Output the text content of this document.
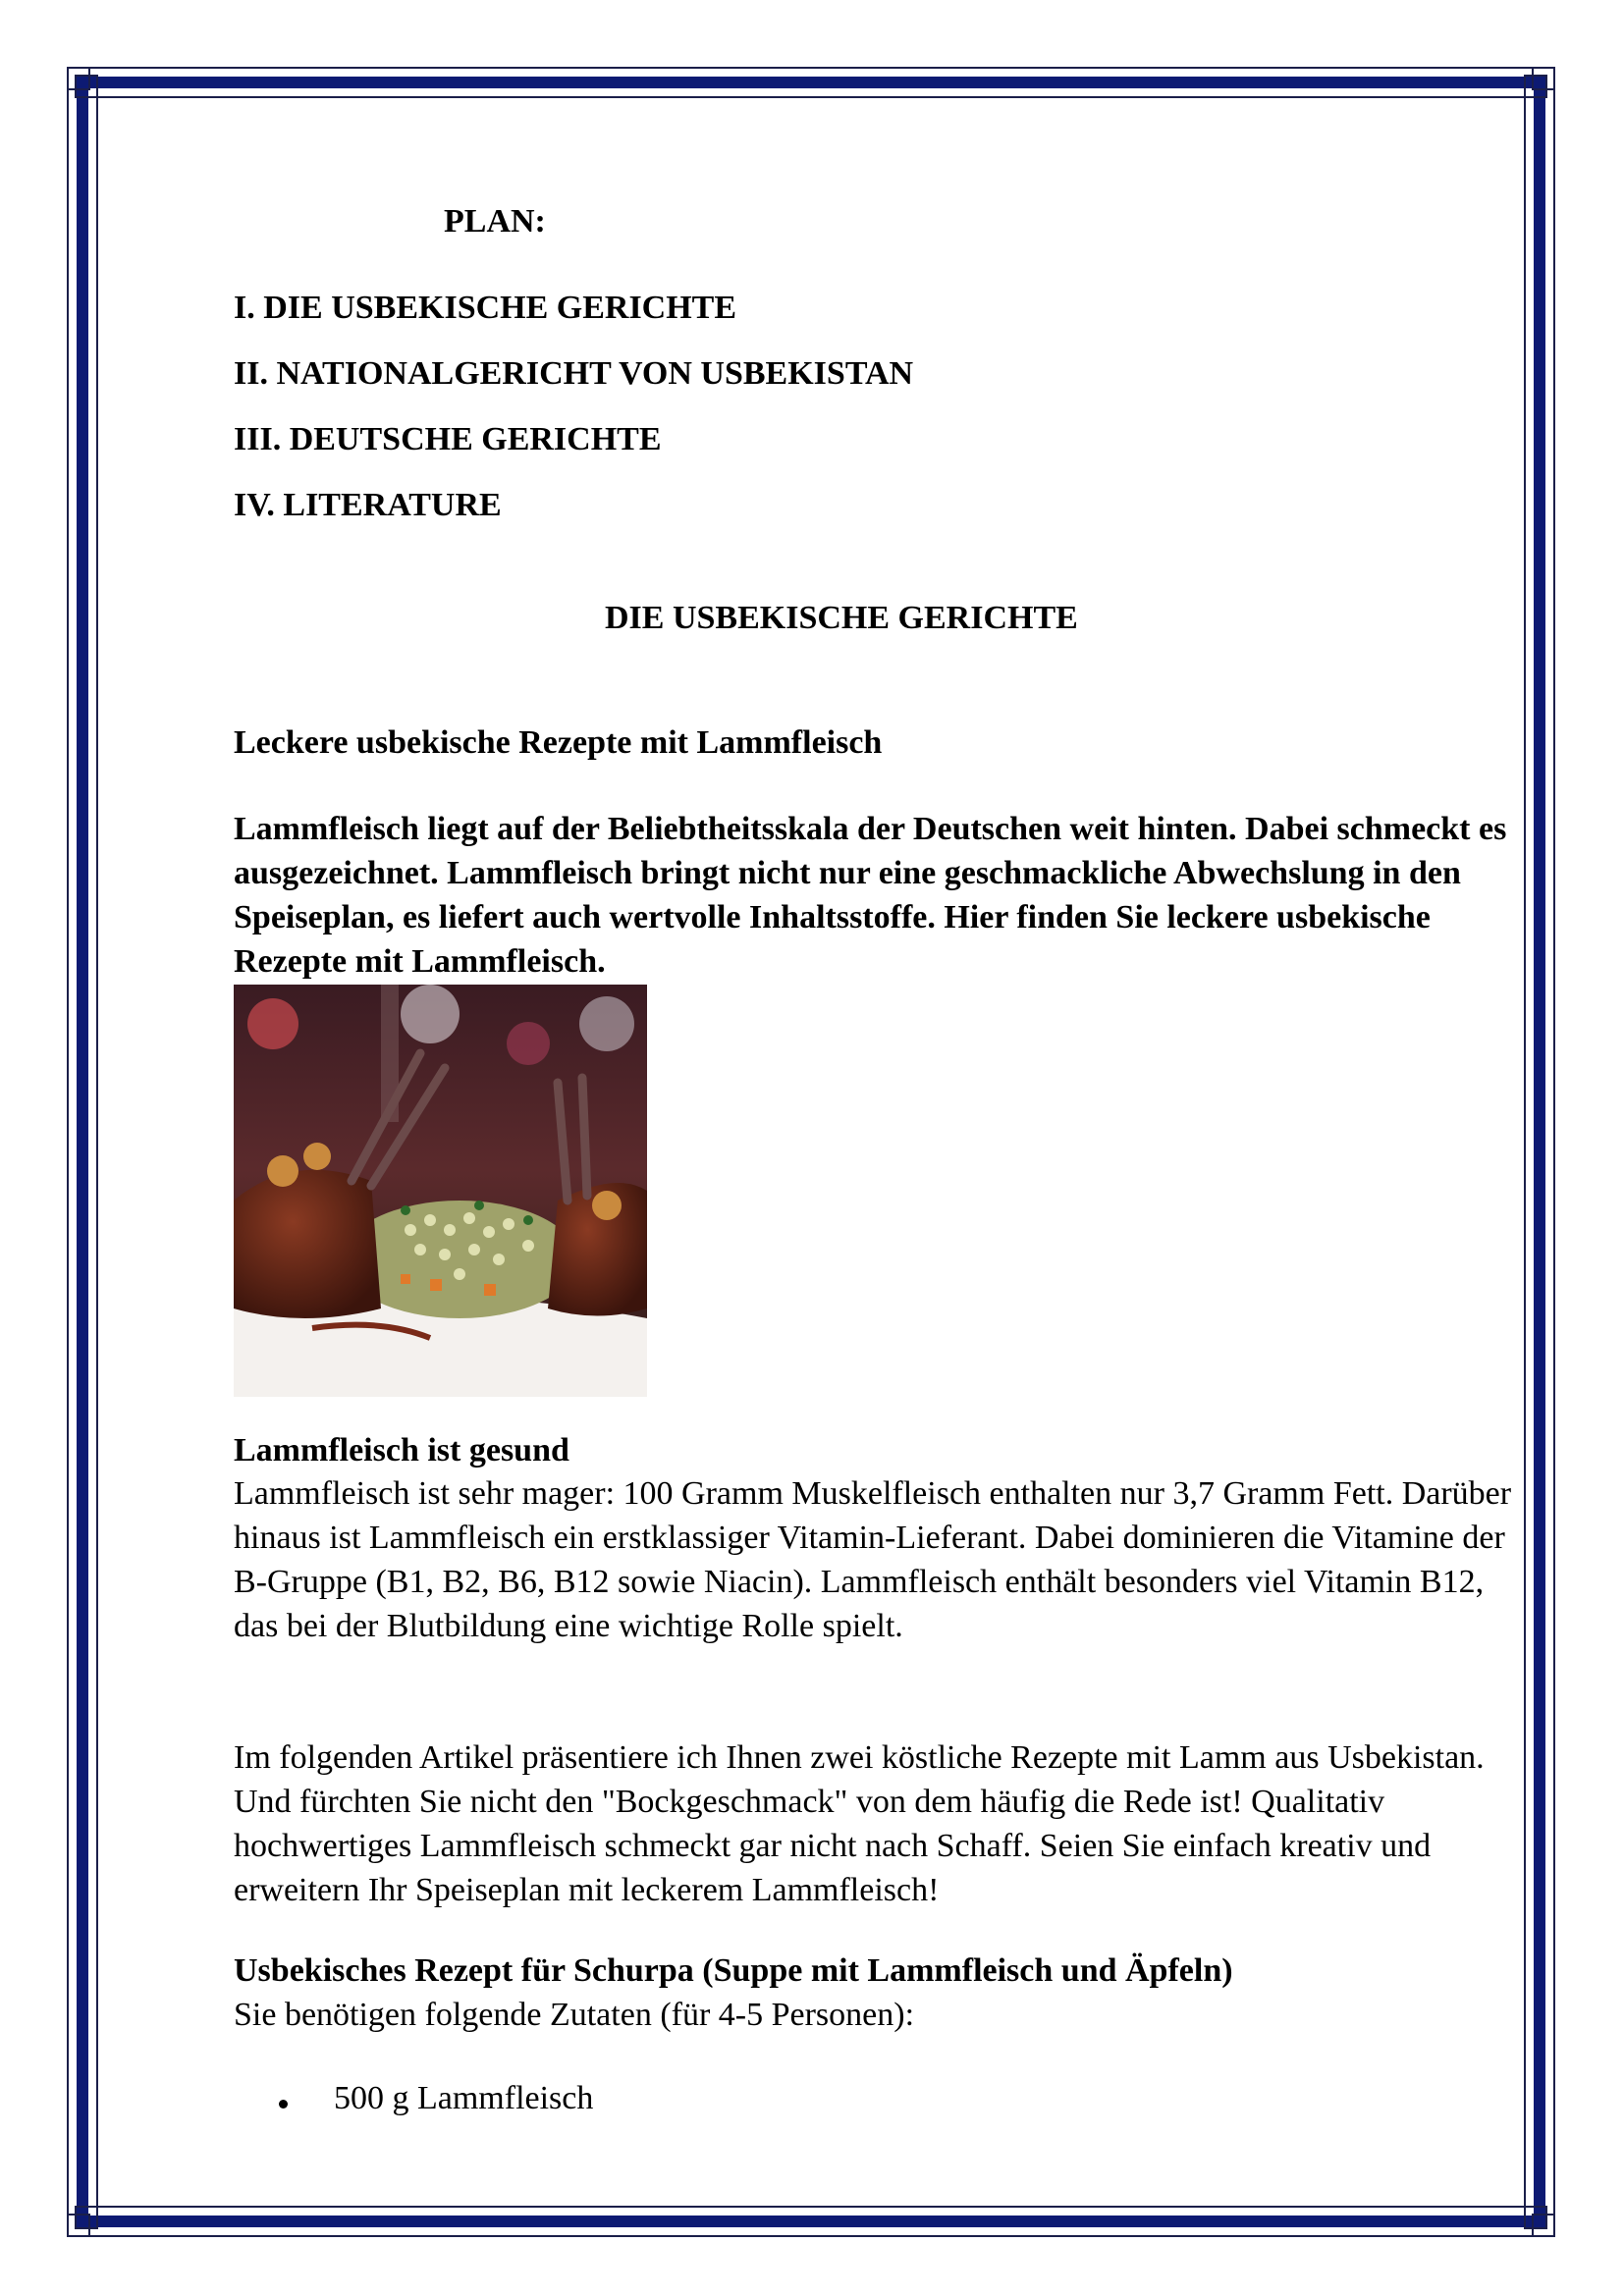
PLAN:

I. DIE USBEKISCHE GERICHTE

II. NATIONALGERICHT VON USBEKISTAN

III. DEUTSCHE GERICHTE

IV. LITERATURE

DIE USBEKISCHE GERICHTE

Leckere usbekische Rezepte mit Lammfleisch

Lammfleisch liegt auf der Beliebtheitsskala der Deutschen weit hinten. Dabei schmeckt es ausgezeichnet. Lammfleisch bringt nicht nur eine geschmackliche Abwechslung in den Speiseplan, es liefert auch wertvolle Inhaltsstoffe. Hier finden Sie leckere usbekische Rezepte mit Lammfleisch.

Lammfleisch ist gesund

Lammfleisch ist sehr mager: 100 Gramm Muskelfleisch enthalten nur 3,7 Gramm Fett. Darüber hinaus ist Lammfleisch ein erstklassiger Vitamin-Lieferant. Dabei dominieren die Vitamine der B-Gruppe (B1, B2, B6, B12 sowie Niacin). Lammfleisch enthält besonders viel Vitamin B12, das bei der Blutbildung eine wichtige Rolle spielt.

Im folgenden Artikel präsentiere ich Ihnen zwei köstliche Rezepte mit Lamm aus Usbekistan. Und fürchten Sie nicht den "Bockgeschmack" von dem häufig die Rede ist! Qualitativ hochwertiges Lammfleisch schmeckt gar nicht nach Schaff. Seien Sie einfach kreativ und erweitern Ihr Speiseplan mit leckerem Lammfleisch!

Usbekisches Rezept für Schurpa (Suppe mit Lammfleisch und Äpfeln)

Sie benötigen folgende Zutaten (für 4-5 Personen):

500 g Lammfleisch
